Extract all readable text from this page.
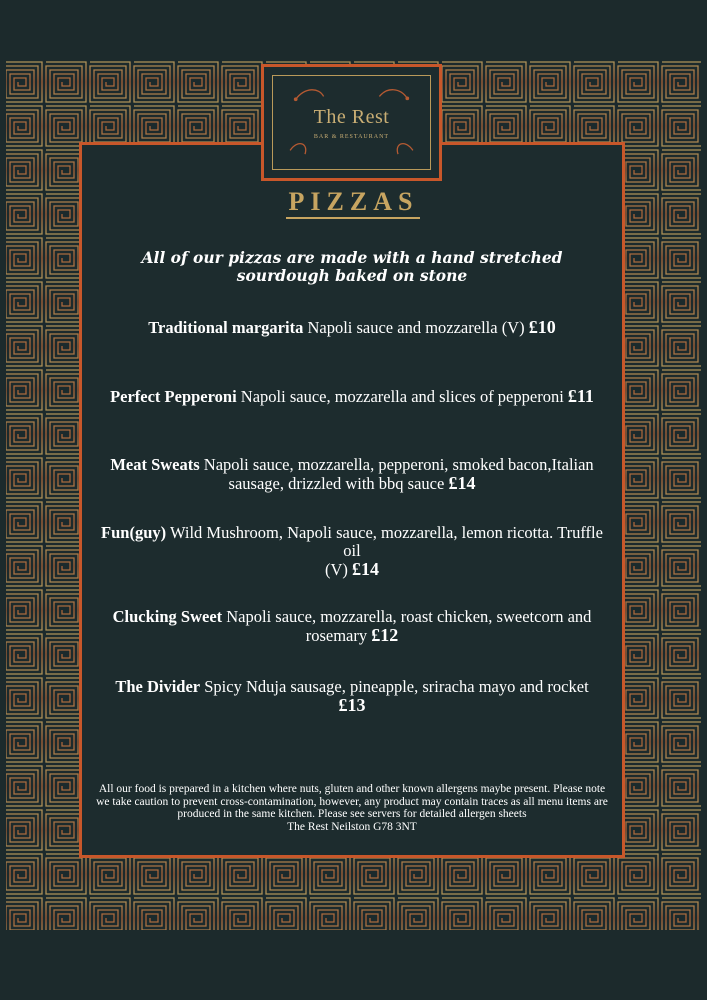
The Rest
BAR & RESTAURANT
PIZZAS
All of our pizzas are made with a hand stretched sourdough baked on stone
Traditional margarita Napoli sauce and mozzarella (V) £10
Perfect Pepperoni Napoli sauce, mozzarella and slices of pepperoni £11
Meat Sweats Napoli sauce, mozzarella, pepperoni, smoked bacon,Italian sausage, drizzled with bbq sauce £14
Fun(guy) Wild Mushroom, Napoli sauce, mozzarella, lemon ricotta. Truffle oil
(V) £14
Clucking Sweet Napoli sauce, mozzarella, roast chicken, sweetcorn and rosemary £12
The Divider Spicy Nduja sausage, pineapple, sriracha mayo and rocket £13
All our food is prepared in a kitchen where nuts, gluten and other known allergens maybe present. Please note we take caution to prevent cross-contamination, however, any product may contain traces as all menu items are produced in the same kitchen. Please see servers for detailed allergen sheets
The Rest Neilston G78 3NT
